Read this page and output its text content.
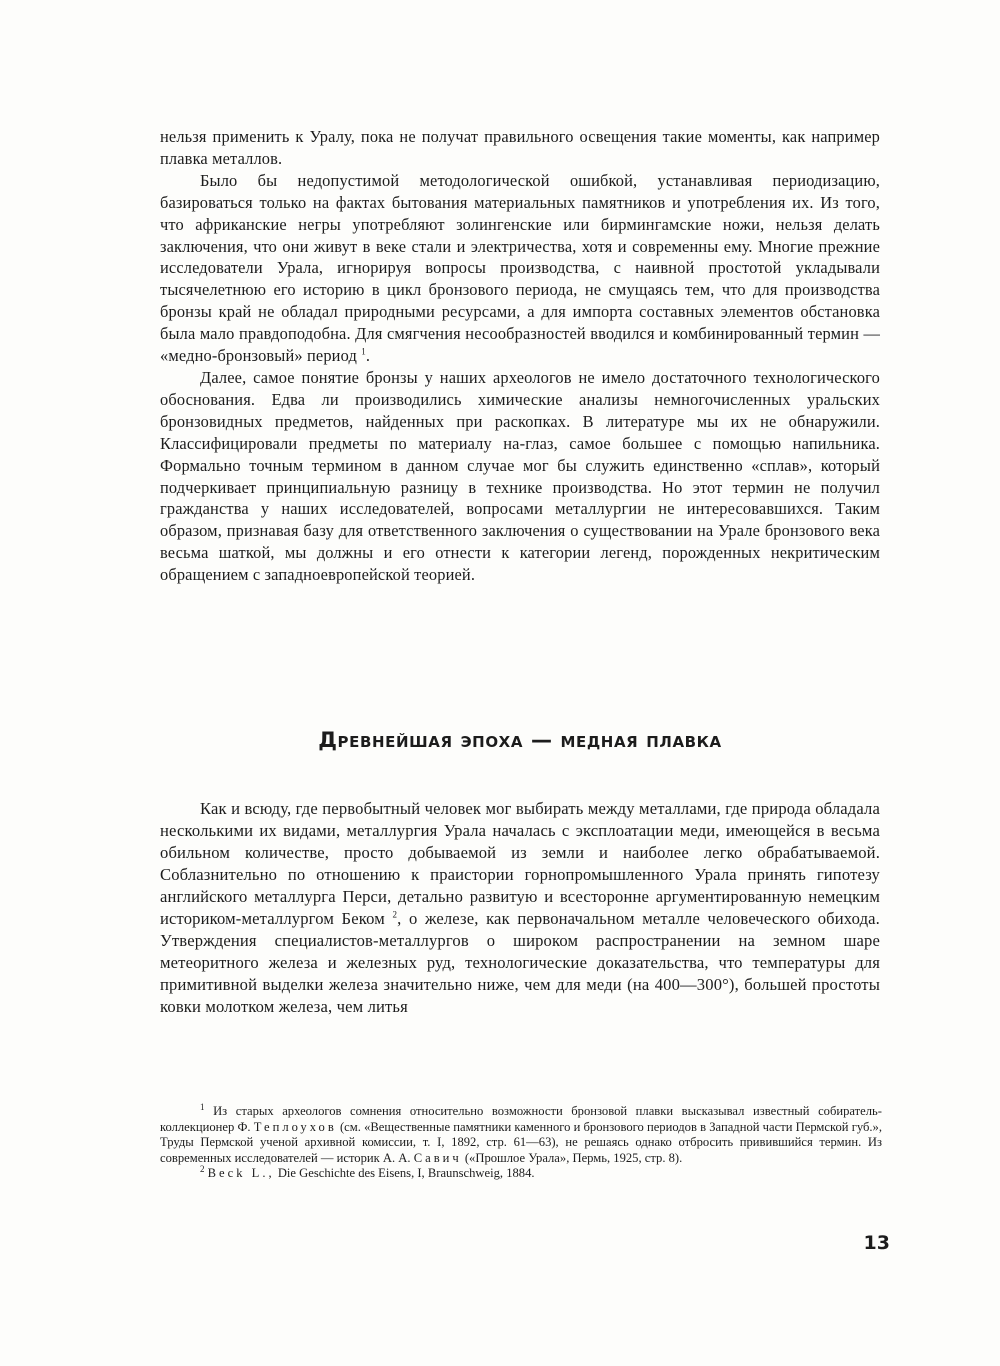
нельзя применить к Уралу, пока не получат правильного освещения такие моменты, как например плавка металлов.

Было бы недопустимой методологической ошибкой, устанавливая периодизацию, базироваться только на фактах бытования материальных памятников и употребления их. Из того, что африканские негры употребляют золингенские или бирмингамские ножи, нельзя делать заключения, что они живут в веке стали и электричества, хотя и современны ему. Многие прежние исследователи Урала, игнорируя вопросы производства, с наивной простотой укладывали тысячелетнюю его историю в цикл бронзового периода, не смущаясь тем, что для производства бронзы край не обладал природными ресурсами, а для импорта составных элементов обстановка была мало правдоподобна. Для смягчения несообразностей вводился и комбинированный термин — «медно-бронзовый» период $^1$.

Далее, самое понятие бронзы у наших археологов не имело достаточного технологического обоснования. Едва ли производились химические анализы немногочисленных уральских бронзовидных предметов, найденных при раскопках. В литературе мы их не обнаружили. Классифицировали предметы по материалу на-глаз, самое большее с помощью напильника. Формально точным термином в данном случае мог бы служить единственно «сплав», который подчеркивает принципиальную разницу в технике производства. Но этот термин не получил гражданства у наших исследователей, вопросами металлургии не интересовавшихся. Таким образом, признавая базу для ответственного заключения о существовании на Урале бронзового века весьма шаткой, мы должны и его отнести к категории легенд, порожденных некритическим обращением с западноевропейской теорией.

Древнейшая эпоха — медная плавка

Как и всюду, где первобытный человек мог выбирать между металлами, где природа обладала несколькими их видами, металлургия Урала началась с эксплоатации меди, имеющейся в весьма обильном количестве, просто добываемой из земли и наиболее легко обрабатываемой. Соблазнительно по отношению к праистории горнопромышленного Урала принять гипотезу английского металлурга Перси, детально развитую и всесторонне аргументированную немецким историком-металлургом Беком $^2$, о железе, как первоначальном металле человеческого обихода. Утверждения специалистов-металлургов о широком распространении на земном шаре метеоритного железа и железных руд, технологические доказательства, что температуры для примитивной выделки железа значительно ниже, чем для меди (на 400—300°), большей простоты ковки молотком железа, чем литья

$^1$ Из старых археологов сомнения относительно возможности бронзовой плавки высказывал известный собиратель-коллекционер Ф. Теплоухов (см. «Вещественные памятники каменного и бронзового периодов в Западной части Пермской губ.», Труды Пермской ученой архивной комиссии, т. I, 1892, стр. 61—63), не решаясь однако отбросить привившийся термин. Из современных исследователей — историк А. А. Савич («Прошлое Урала», Пермь, 1925, стр. 8).

$^2$ Beck L., Die Geschichte des Eisens, I, Braunschweig, 1884.

13
